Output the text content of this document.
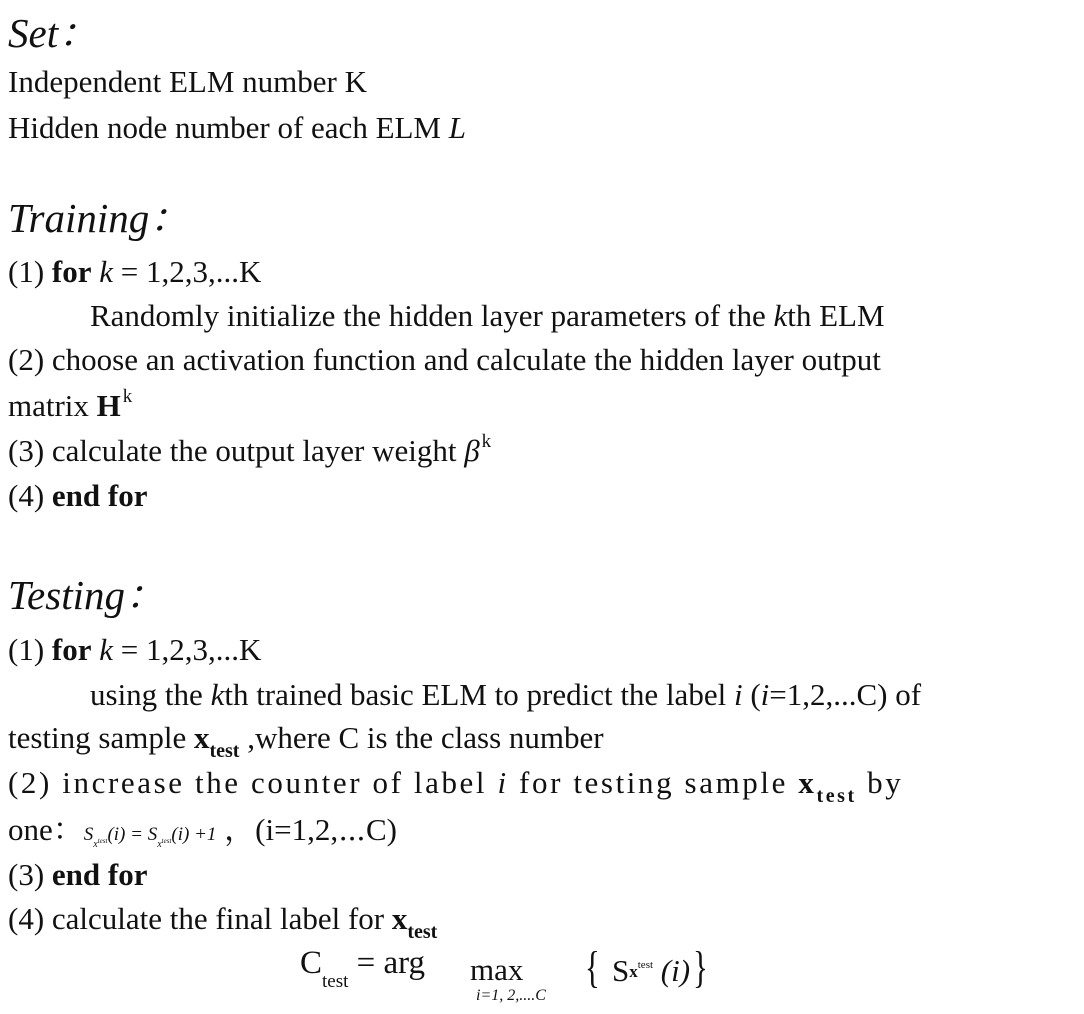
Set：
Independent ELM number K
Hidden node number of each ELM L
Training：
(1) for k = 1,2,3,...K
Randomly initialize the hidden layer parameters of the kth ELM
(2) choose an activation function and calculate the hidden layer output
matrix H $^k$
(3) calculate the output layer weight β $^k$
(4) end for
Testing：
(1) for k = 1,2,3,...K
using the kth trained basic ELM to predict the label i (i=1,2,...C) of
testing sample $x_{test}$ ,where C is the class number
(2) increase the counter of label i for testing sample $x_{test}$ by
one：$S_xtest(i)$ = $S_xtest(i) +1$ ，(i=1,2,⋯C)
(3) end for
(4) calculate the final label for $x_{test}$
$C_{test}$ = arg max
i=1, 2,....C
{ $Sx^{test}$ (i) }
